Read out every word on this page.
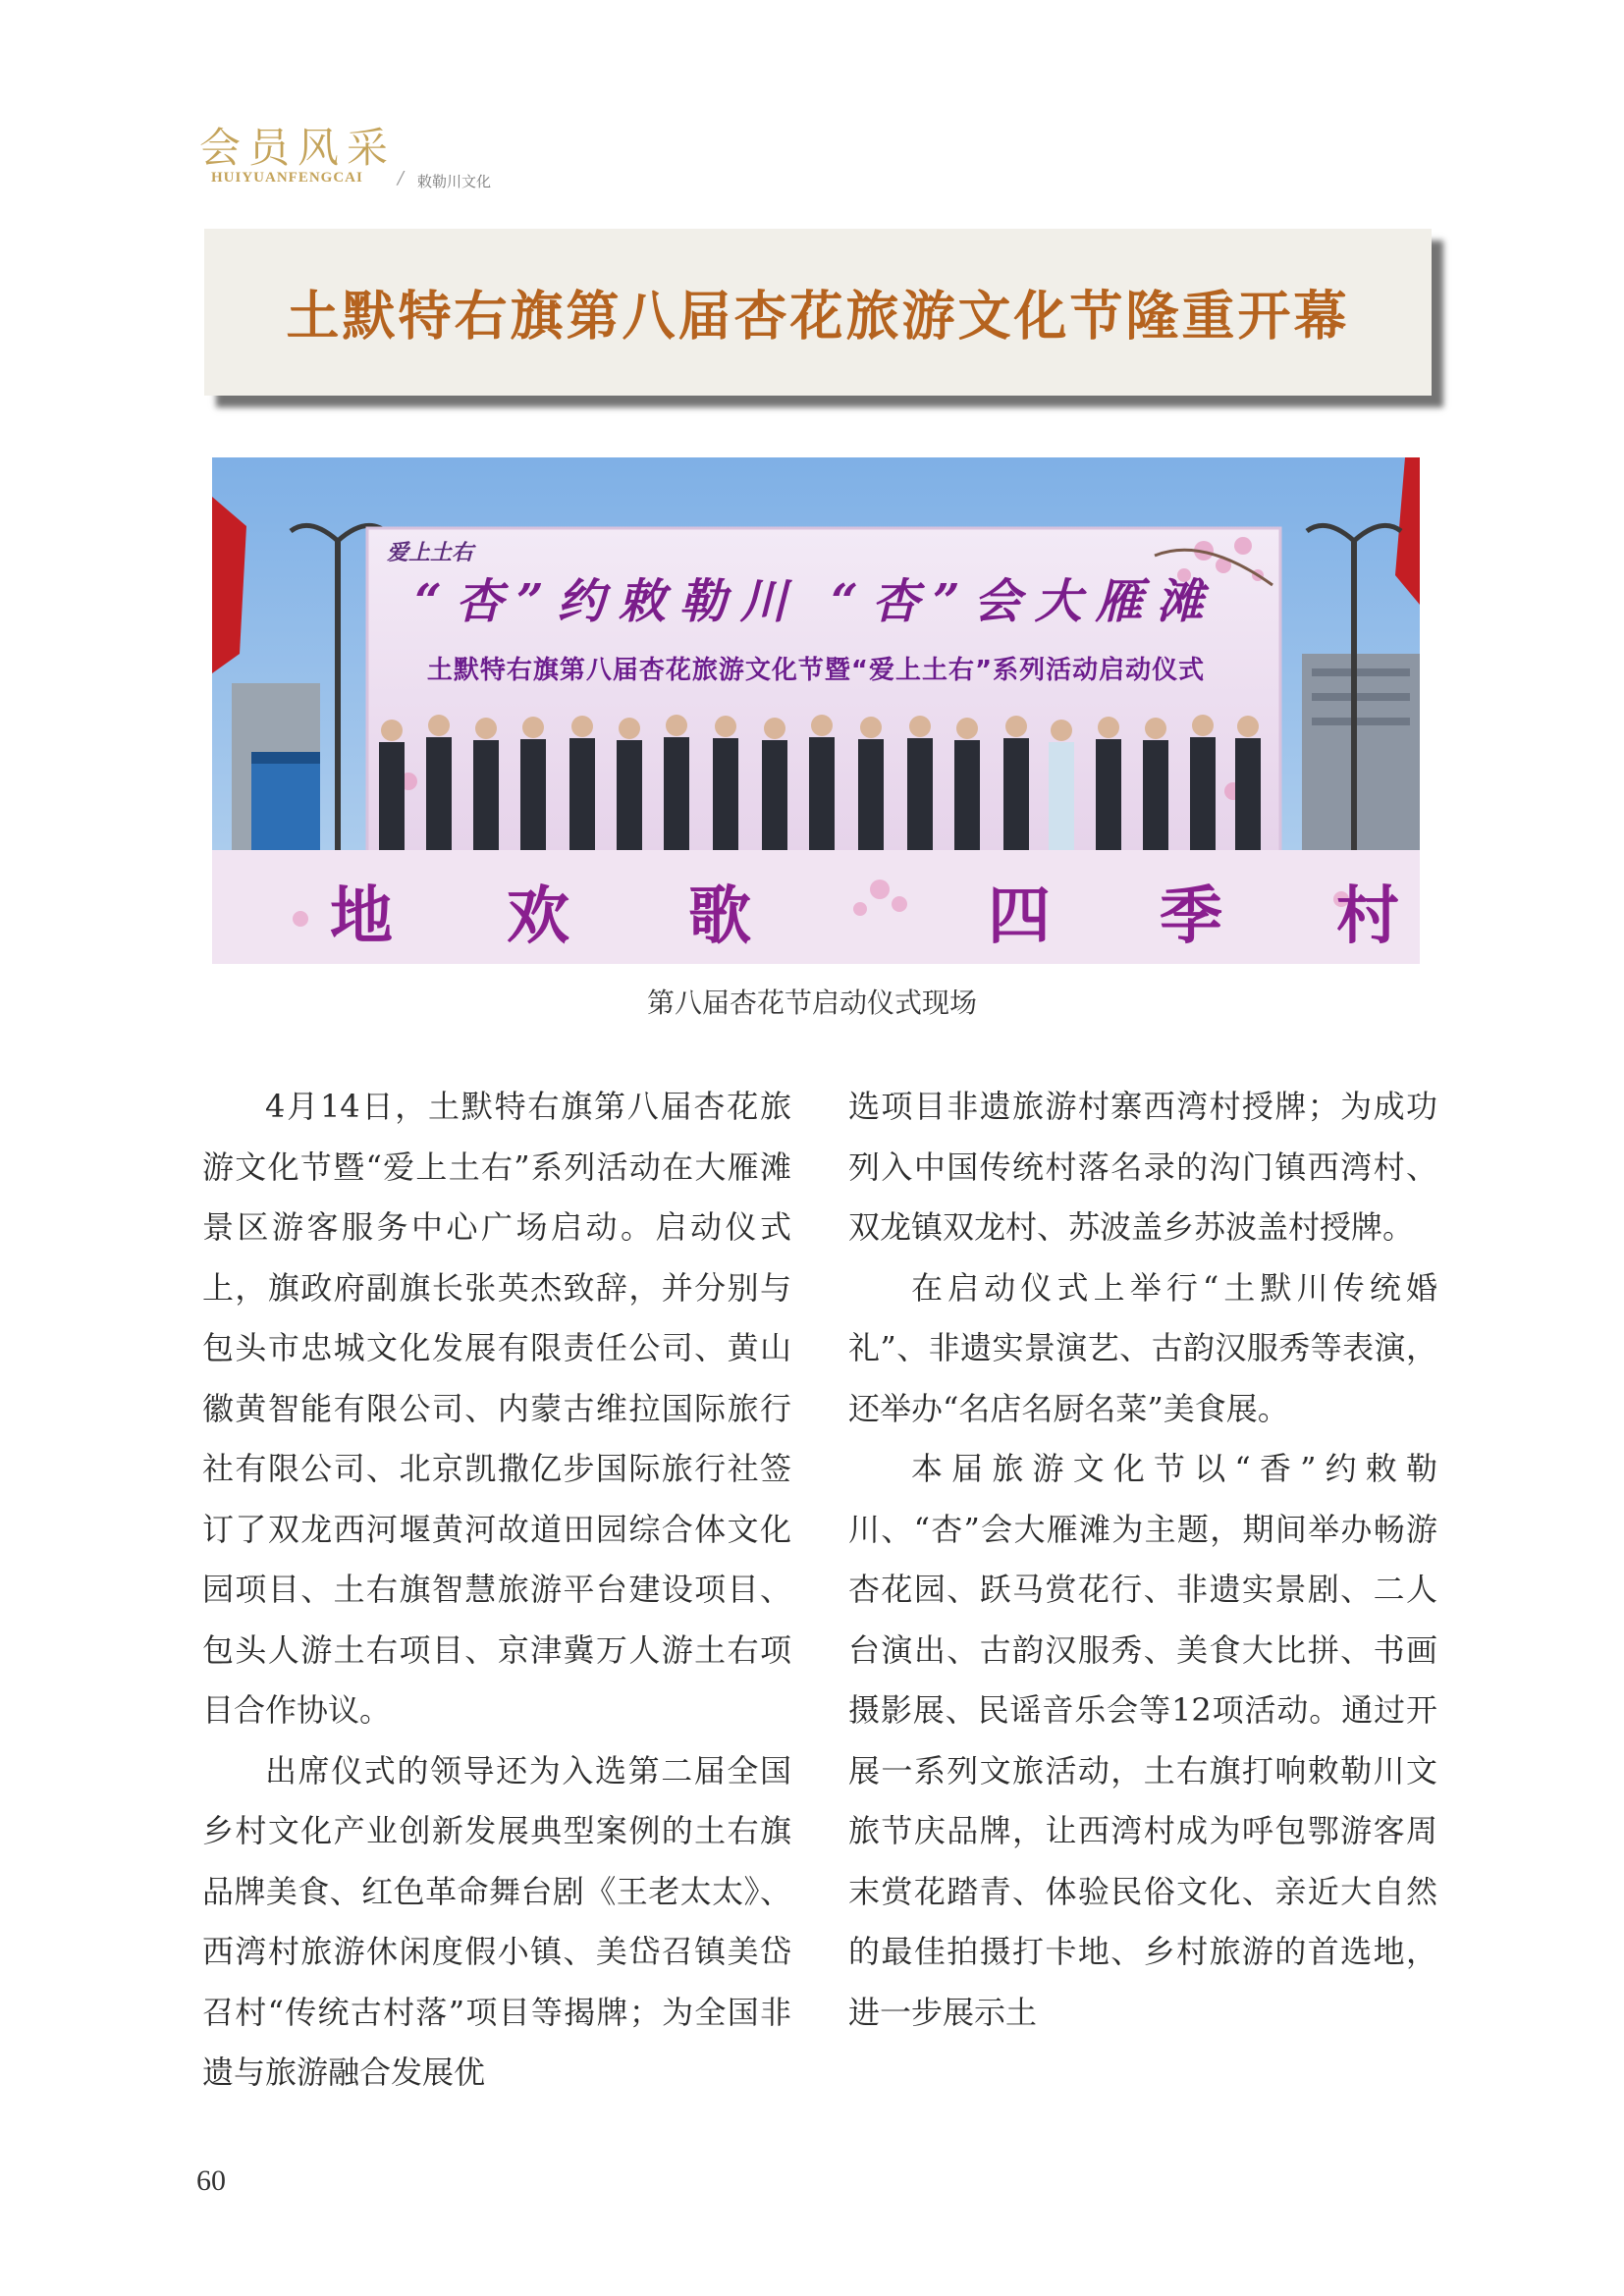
会员风采
HUIYUANFENGCAI / 敕勒川文化
土默特右旗第八届杏花旅游文化节隆重开幕
爱上土右
“杏”约敕勒川 “杏”会大雁滩
土默特右旗第八届杏花旅游文化节暨“爱上土右”系列活动启动仪式
地 欢 歌	四 季 村
第八届杏花节启动仪式现场

4月14日，土默特右旗第八届杏花旅游文化节暨“爱上土右”系列活动在大雁滩景区游客服务中心广场启动。启动仪式上，旗政府副旗长张英杰致辞，并分别与包头市忠城文化发展有限责任公司、黄山徽黄智能有限公司、内蒙古维拉国际旅行社有限公司、北京凯撒亿步国际旅行社签订了双龙西河堰黄河故道田园综合体文化园项目、土右旗智慧旅游平台建设项目、包头人游土右项目、京津冀万人游土右项目合作协议。

出席仪式的领导还为入选第二届全国乡村文化产业创新发展典型案例的土右旗品牌美食、红色革命舞台剧《王老太太》、西湾村旅游休闲度假小镇、美岱召镇美岱召村“传统古村落”项目等揭牌；为全国非遗与旅游融合发展优

选项目非遗旅游村寨西湾村授牌；为成功列入中国传统村落名录的沟门镇西湾村、双龙镇双龙村、苏波盖乡苏波盖村授牌。

在启动仪式上举行“土默川传统婚礼”、非遗实景演艺、古韵汉服秀等表演，还举办“名店名厨名菜”美食展。

本届旅游文化节以“香”约敕勒川、“杏”会大雁滩为主题，期间举办畅游杏花园、跃马赏花行、非遗实景剧、二人台演出、古韵汉服秀、美食大比拼、书画摄影展、民谣音乐会等12项活动。通过开展一系列文旅活动，土右旗打响敕勒川文旅节庆品牌，让西湾村成为呼包鄂游客周末赏花踏青、体验民俗文化、亲近大自然的最佳拍摄打卡地、乡村旅游的首选地，进一步展示土

60
